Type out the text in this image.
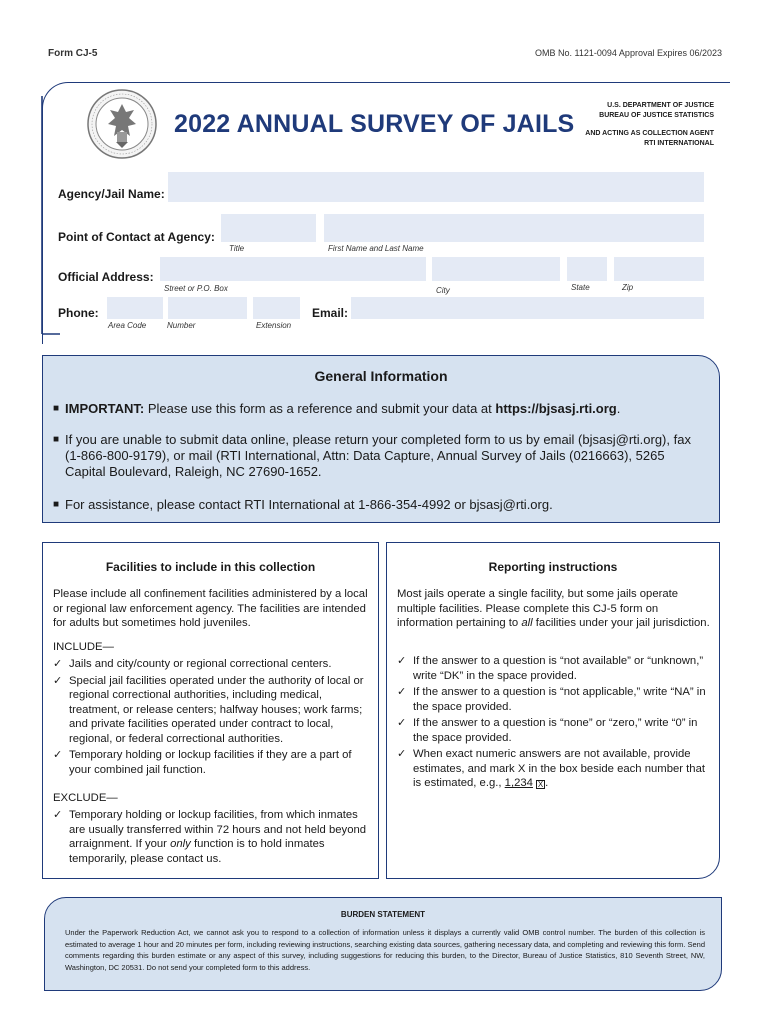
Form CJ-5	OMB No. 1121-0094 Approval Expires 06/2023
2022 ANNUAL SURVEY OF JAILS
U.S. DEPARTMENT OF JUSTICE
BUREAU OF JUSTICE STATISTICS
AND ACTING AS COLLECTION AGENT
RTI INTERNATIONAL
Agency/Jail Name:
Point of Contact at Agency:
Title	First Name and Last Name
Official Address:
Street or P.O. Box	City	State	Zip
Phone:
Area Code	Number	Extension
Email:
General Information
■ IMPORTANT: Please use this form as a reference and submit your data at https://bjsasj.rti.org.
■ If you are unable to submit data online, please return your completed form to us by email (bjsasj@rti.org), fax (1-866-800-9179), or mail (RTI International, Attn: Data Capture, Annual Survey of Jails (0216663), 5265 Capital Boulevard, Raleigh, NC 27690-1652.
■ For assistance, please contact RTI International at 1-866-354-4992 or bjsasj@rti.org.
Facilities to include in this collection
Please include all confinement facilities administered by a local or regional law enforcement agency. The facilities are intended for adults but sometimes hold juveniles.
INCLUDE—
✓ Jails and city/county or regional correctional centers.
✓ Special jail facilities operated under the authority of local or regional correctional authorities, including medical, treatment, or release centers; halfway houses; work farms; and private facilities operated under contract to local, regional, or federal correctional authorities.
✓ Temporary holding or lockup facilities if they are a part of your combined jail function.
EXCLUDE—
✓ Temporary holding or lockup facilities, from which inmates are usually transferred within 72 hours and not held beyond arraignment. If your only function is to hold inmates temporarily, please contact us.
Reporting instructions
Most jails operate a single facility, but some jails operate multiple facilities. Please complete this CJ-5 form on information pertaining to all facilities under your jail jurisdiction.
✓ If the answer to a question is “not available” or “unknown,” write “DK” in the space provided.
✓ If the answer to a question is “not applicable,” write “NA” in the space provided.
✓ If the answer to a question is “none” or “zero,” write “0” in the space provided.
✓ When exact numeric answers are not available, provide estimates, and mark X in the box beside each number that is estimated, e.g., 1,234 X .
BURDEN STATEMENT
Under the Paperwork Reduction Act, we cannot ask you to respond to a collection of information unless it displays a currently valid OMB control number. The burden of this collection is estimated to average 1 hour and 20 minutes per form, including reviewing instructions, searching existing data sources, gathering necessary data, and completing and reviewing this form. Send comments regarding this burden estimate or any aspect of this survey, including suggestions for reducing this burden, to the Director, Bureau of Justice Statistics, 810 Seventh Street, NW, Washington, DC 20531. Do not send your completed form to this address.
